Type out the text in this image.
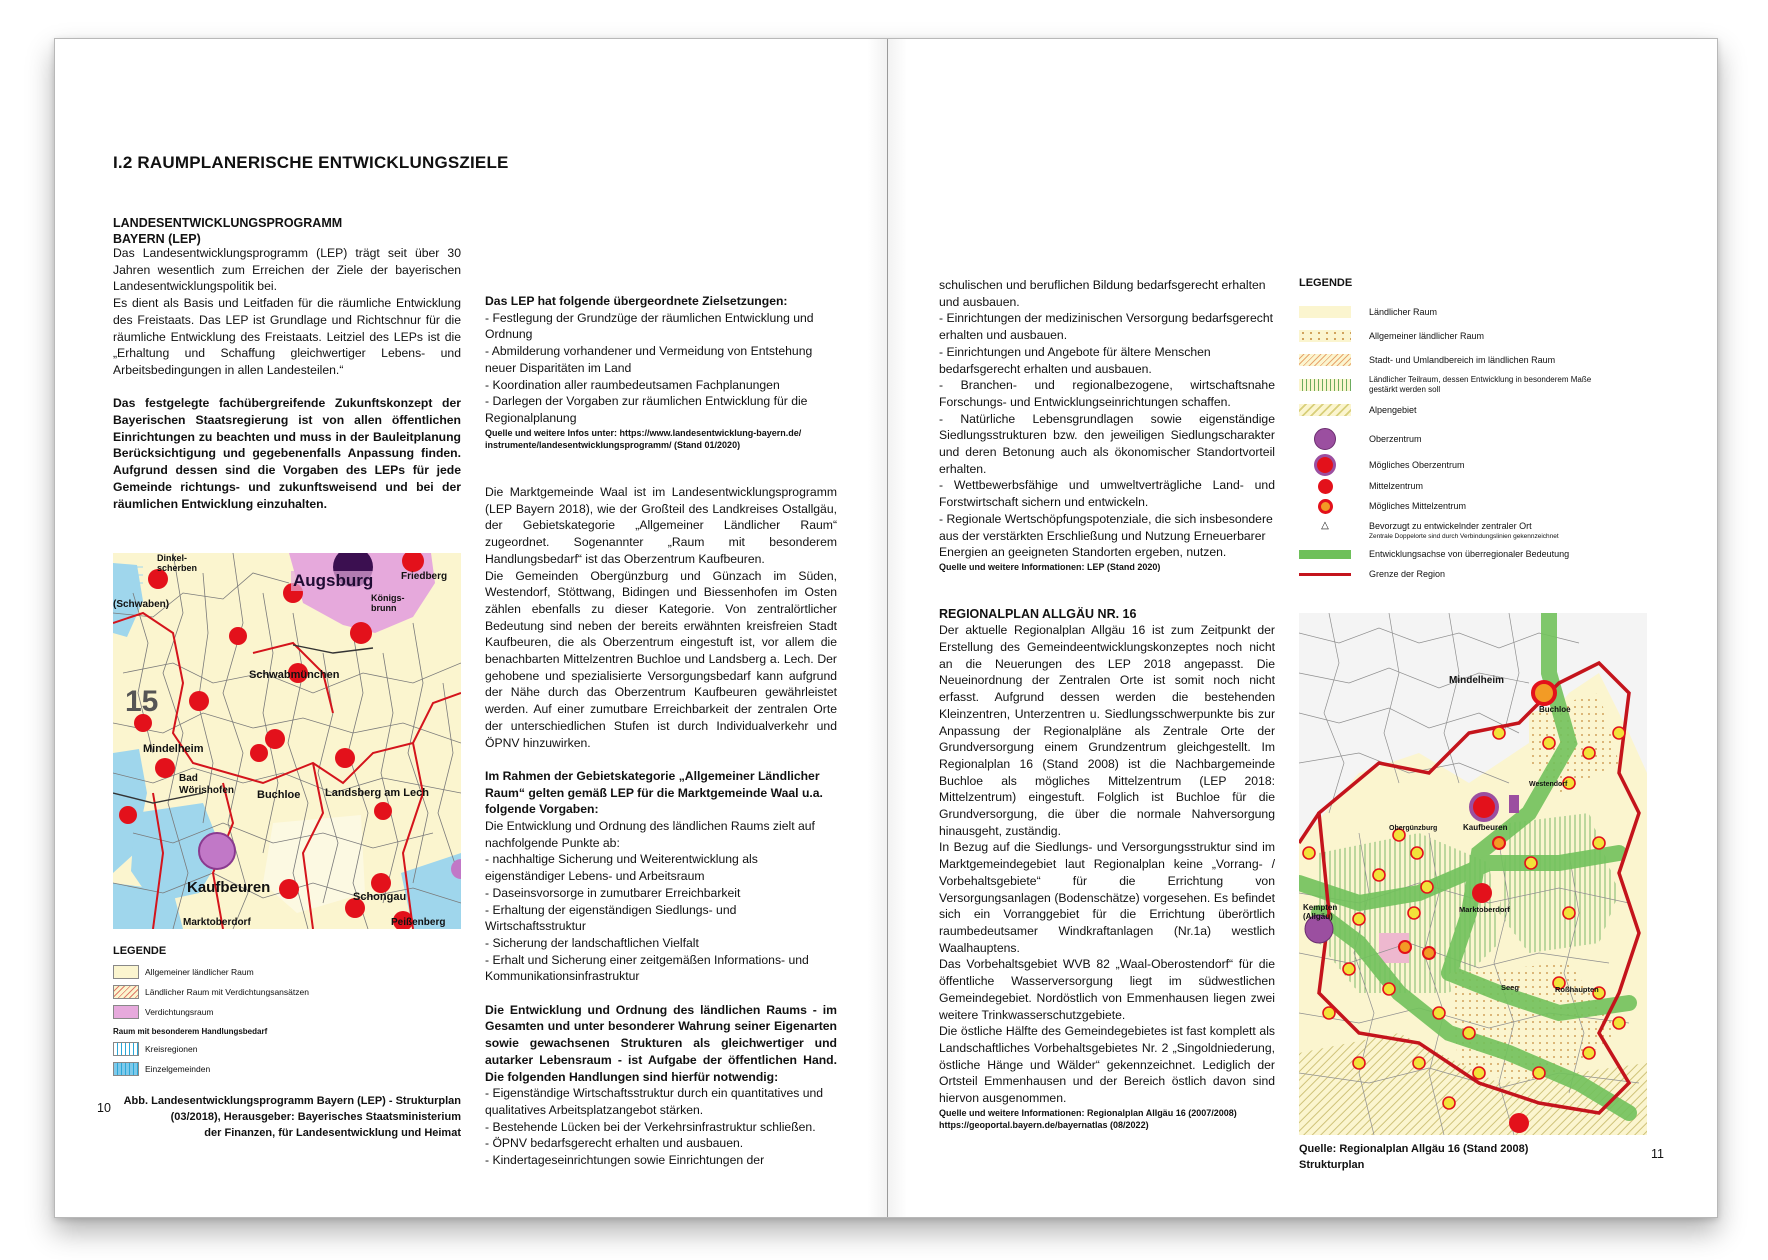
I.2 RAUMPLANERISCHE ENTWICKLUNGSZIELE
LANDESENTWICKLUNGSPROGRAMM
BAYERN (LEP)

Das Landesentwicklungsprogramm (LEP) trägt seit über 30 Jahren wesentlich zum Erreichen der Ziele der bayerischen Landesentwicklungspolitik bei.

Es dient als Basis und Leitfaden für die räumliche Entwicklung des Freistaats. Das LEP ist Grundlage und Richtschnur für die räumliche Entwicklung des Freistaats. Leitziel des LEPs ist die „Erhaltung und Schaffung gleichwertiger Lebens- und Arbeitsbedingungen in allen Landesteilen.“

Das festgelegte fachübergreifende Zukunftskonzept der Bayerischen Staatsregierung ist von allen öffentlichen Einrichtungen zu beachten und muss in der Bauleitplanung Berücksichtigung und gegebenenfalls Anpassung finden. Aufgrund dessen sind die Vorgaben des LEPs für jede Gemeinde richtungs- und zukunftsweisend und bei der räumlichen Entwicklung einzuhalten.

Augsburg	Friedberg
Königs-brunn
(Schwaben)
Dinkel-scherben
Schwabmünchen
15
Mindelheim
Bad Wörishofen	Buchloe Landsberg am Lech
Kaufbeuren
Schongau
Peißenberg
Marktoberdorf
LEGENDE
Allgemeiner ländlicher Raum
Ländlicher Raum mit Verdichtungsansätzen
Verdichtungsraum
Raum mit besonderem Handlungsbedarf
Kreisregionen
Einzelgemeinden
Abb. Landesentwicklungsprogramm Bayern (LEP) - Strukturplan
(03/2018), Herausgeber: Bayerisches Staatsministerium
der Finanzen, für Landesentwicklung und Heimat
10

Das LEP hat folgende übergeordnete Zielsetzungen:

- Festlegung der Grundzüge der räumlichen Entwicklung und Ordnung

- Abmilderung vorhandener und Vermeidung von Entstehung neuer Disparitäten im Land

- Koordination aller raumbedeutsamen Fachplanungen

- Darlegen der Vorgaben zur räumlichen Entwicklung für die Regionalplanung

Quelle und weitere Infos unter: https://www.landesentwicklung-bayern.de/ instrumente/landesentwicklungsprogramm/ (Stand 01/2020)

Die Marktgemeinde Waal ist im Landesentwicklungsprogramm (LEP Bayern 2018), wie der Großteil des Landkreises Ostallgäu, der Gebietskategorie „Allgemeiner Ländlicher Raum“ zugeordnet. Sogenannter „Raum mit besonderem Handlungsbedarf“ ist das Oberzentrum Kaufbeuren.

Die Gemeinden Obergünzburg und Günzach im Süden, Westendorf, Stöttwang, Bidingen und Biessenhofen im Osten zählen ebenfalls zu dieser Kategorie. Von zentralörtlicher Bedeutung sind neben der bereits erwähnten kreisfreien Stadt Kaufbeuren, die als Oberzentrum eingestuft ist, vor allem die benachbarten Mittelzentren Buchloe und Landsberg a. Lech. Der gehobene und spezialisierte Versorgungsbedarf kann aufgrund der Nähe durch das Oberzentrum Kaufbeuren gewährleistet werden. Auf einer zumutbare Erreichbarkeit der zentralen Orte der unterschiedlichen Stufen ist durch Individualverkehr und ÖPNV hinzuwirken.

Im Rahmen der Gebietskategorie „Allgemeiner Ländlicher Raum“ gelten gemäß LEP für die Marktgemeinde Waal u.a. folgende Vorgaben:

Die Entwicklung und Ordnung des ländlichen Raums zielt auf nachfolgende Punkte ab:

- nachhaltige Sicherung und Weiterentwicklung als eigenständiger Lebens- und Arbeitsraum

- Daseinsvorsorge in zumutbarer Erreichbarkeit

- Erhaltung der eigenständigen Siedlungs- und Wirtschaftsstruktur

- Sicherung der landschaftlichen Vielfalt

- Erhalt und Sicherung einer zeitgemäßen Informations- und Kommunikationsinfrastruktur

Die Entwicklung und Ordnung des ländlichen Raums - im Gesamten und unter besonderer Wahrung seiner Eigenarten sowie gewachsenen Strukturen als gleichwertiger und autarker Lebensraum - ist Aufgabe der öffentlichen Hand. Die folgenden Handlungen sind hierfür notwendig:

- Eigenständige Wirtschaftsstruktur durch ein quantitatives und qualitatives Arbeitsplatzangebot stärken.

- Bestehende Lücken bei der Verkehrsinfrastruktur schließen.

- ÖPNV bedarfsgerecht erhalten und ausbauen.

- Kindertageseinrichtungen sowie Einrichtungen der

schulischen und beruflichen Bildung bedarfsgerecht erhalten und ausbauen.

- Einrichtungen der medizinischen Versorgung bedarfsgerecht erhalten und ausbauen.

- Einrichtungen und Angebote für ältere Menschen bedarfsgerecht erhalten und ausbauen.

- Branchen- und regionalbezogene, wirtschaftsnahe Forschungs- und Entwicklungseinrichtungen schaffen.

- Natürliche Lebensgrundlagen sowie eigenständige Siedlungsstrukturen bzw. den jeweiligen Siedlungscharakter und deren Betonung auch als ökonomischer Standortvorteil erhalten.

- Wettbewerbsfähige und umweltverträgliche Land- und Forstwirtschaft sichern und entwickeln.

- Regionale Wertschöpfungspotenziale, die sich insbesondere aus der verstärkten Erschließung und Nutzung Erneuerbarer Energien an geeigneten Standorten ergeben, nutzen.

Quelle und weitere Informationen: LEP (Stand 2020)

REGIONALPLAN ALLGÄU NR. 16

Der aktuelle Regionalplan Allgäu 16 ist zum Zeitpunkt der Erstellung des Gemeindeentwicklungskonzeptes noch nicht an die Neuerungen des LEP 2018 angepasst. Die Neueinordnung der Zentralen Orte ist somit noch nicht erfasst. Aufgrund dessen werden die bestehenden Kleinzentren, Unterzentren u. Siedlungsschwerpunkte bis zur Anpassung der Regionalpläne als Zentrale Orte der Grundversorgung einem Grundzentrum gleichgestellt. Im Regionalplan 16 (Stand 2008) ist die Nachbargemeinde Buchloe als mögliches Mittelzentrum (LEP 2018: Mittelzentrum) eingestuft. Folglich ist Buchloe für die Grundversorgung, die über die normale Nahversorgung hinausgeht, zuständig.

In Bezug auf die Siedlungs- und Versorgungsstruktur sind im Marktgemeindegebiet laut Regionalplan keine „Vorrang- / Vorbehaltsgebiete“ für die Errichtung von Versorgungsanlagen (Bodenschätze) vorgesehen. Es befindet sich ein Vorranggebiet für die Errichtung überörtlich raumbedeutsamer Windkraftanlagen (Nr.1a) westlich Waalhauptens.

Das Vorbehaltsgebiet WVB 82 „Waal-Oberostendorf“ für die öffentliche Wasserversorgung liegt im südwestlichen Gemeindegebiet. Nordöstlich von Emmenhausen liegen zwei weitere Trinkwasserschutzgebiete.

Die östliche Hälfte des Gemeindegebietes ist fast komplett als Landschaftliches Vorbehaltsgebietes Nr. 2 „Singoldniederung, östliche Hänge und Wälder“ gekennzeichnet. Lediglich der Ortsteil Emmenhausen und der Bereich östlich davon sind hiervon ausgenommen.

Quelle und weitere Informationen: Regionalplan Allgäu 16 (2007/2008) https://geoportal.bayern.de/bayernatlas (08/2022)

LEGENDE
Ländlicher Raum
Allgemeiner ländlicher Raum
Stadt- und Umlandbereich im ländlichen Raum
Ländlicher Teilraum, dessen Entwicklung in besonderem Maße gestärkt werden soll
Alpengebiet
Oberzentrum
Mögliches Oberzentrum
Mittelzentrum
Mögliches Mittelzentrum
△	Bevorzugt zu entwickelnder zentraler Ort
Zentrale Doppelorte sind durch Verbindungslinien gekennzeichnet
Entwicklungsachse von überregionaler Bedeutung
Grenze der Region
Mindelheim
Buchloe
Kaufbeuren
Kempten (Allgäu)
Marktoberdorf
Obergünzburg
Westendorf
Roßhaupten
Seeg
Quelle: Regionalplan Allgäu 16 (Stand 2008)
Strukturplan
11
